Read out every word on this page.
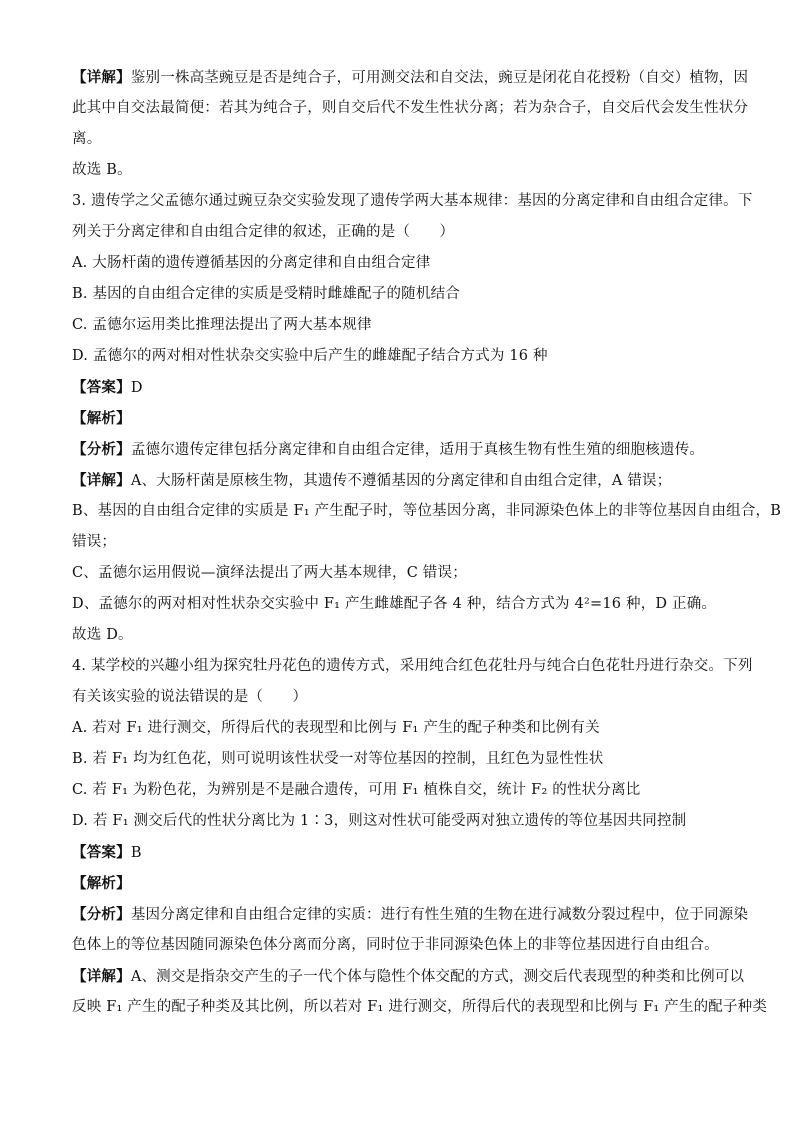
【详解】鉴别一株高茎豌豆是否是纯合子，可用测交法和自交法，豌豆是闭花自花授粉（自交）植物，因
此其中自交法最简便：若其为纯合子，则自交后代不发生性状分离；若为杂合子，自交后代会发生性状分
离。
故选 B。
3. 遗传学之父孟德尔通过豌豆杂交实验发现了遗传学两大基本规律：基因的分离定律和自由组合定律。下
列关于分离定律和自由组合定律的叙述，正确的是（　　）
A. 大肠杆菌的遗传遵循基因的分离定律和自由组合定律
B. 基因的自由组合定律的实质是受精时雌雄配子的随机结合
C. 孟德尔运用类比推理法提出了两大基本规律
D. 孟德尔的两对相对性状杂交实验中后产生的雌雄配子结合方式为 16 种
【答案】D
【解析】
【分析】孟德尔遗传定律包括分离定律和自由组合定律，适用于真核生物有性生殖的细胞核遗传。
【详解】A、大肠杆菌是原核生物，其遗传不遵循基因的分离定律和自由组合定律，A 错误；
B、基因的自由组合定律的实质是 F₁ 产生配子时，等位基因分离，非同源染色体上的非等位基因自由组合，B
错误；
C、孟德尔运用假说—演绎法提出了两大基本规律，C 错误；
D、孟德尔的两对相对性状杂交实验中 F₁ 产生雌雄配子各 4 种，结合方式为 4²=16 种，D 正确。
故选 D。
4. 某学校的兴趣小组为探究牡丹花色的遗传方式，采用纯合红色花牡丹与纯合白色花牡丹进行杂交。下列
有关该实验的说法错误的是（　　）
A. 若对 F₁ 进行测交，所得后代的表现型和比例与 F₁ 产生的配子种类和比例有关
B. 若 F₁ 均为红色花，则可说明该性状受一对等位基因的控制，且红色为显性性状
C. 若 F₁ 为粉色花，为辨别是不是融合遗传，可用 F₁ 植株自交，统计 F₂ 的性状分离比
D. 若 F₁ 测交后代的性状分离比为 1∶3，则这对性状可能受两对独立遗传的等位基因共同控制
【答案】B
【解析】
【分析】基因分离定律和自由组合定律的实质：进行有性生殖的生物在进行减数分裂过程中，位于同源染
色体上的等位基因随同源染色体分离而分离，同时位于非同源染色体上的非等位基因进行自由组合。
【详解】A、测交是指杂交产生的子一代个体与隐性个体交配的方式，测交后代表现型的种类和比例可以
反映 F₁ 产生的配子种类及其比例，所以若对 F₁ 进行测交，所得后代的表现型和比例与 F₁ 产生的配子种类
